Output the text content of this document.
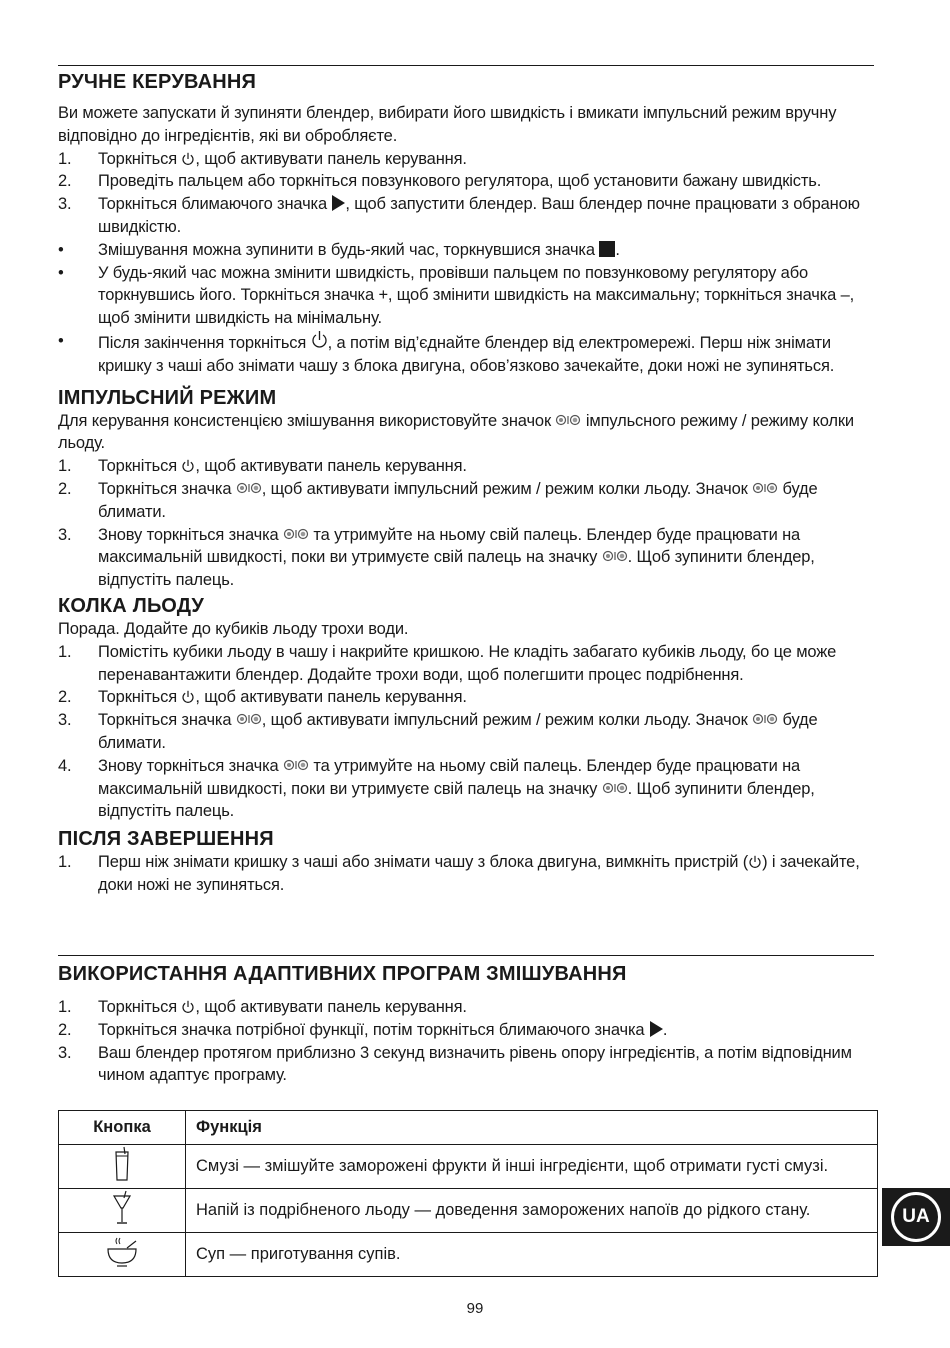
РУЧНЕ КЕРУВАННЯ

Ви можете запускати й зупиняти блендер, вибирати його швидкість і вмикати імпульсний режим вручну відповідно до інгредієнтів, які ви обробляєте.

1.	Торкніться , щоб активувати панель керування.
2.	Проведіть пальцем або торкніться повзункового регулятора, щоб установити бажану швидкість.
3.	Торкніться блимаючого значка , щоб запустити блендер. Ваш блендер почне працювати з обраною швидкістю.
•	Змішування можна зупинити в будь-який час, торкнувшися значка .
•	У будь-який час можна змінити швидкість, провівши пальцем по повзунковому регулятору або торкнувшись його. Торкніться значка +, щоб змінити швидкість на максимальну; торкніться значка –, щоб змінити швидкість на мінімальну.
•	Після закінчення торкніться , а потім від’єднайте блендер від електромережі. Перш ніж знімати кришку з чаші або знімати чашу з блока двигуна, обов’язково зачекайте, доки ножі не зупиняться.
ІМПУЛЬСНИЙ РЕЖИМ

Для керування консистенцією змішування використовуйте значок  імпульсного режиму / режиму колки льоду.

1.	Торкніться , щоб активувати панель керування.
2.	Торкніться значка , щоб активувати імпульсний режим / режим колки льоду. Значок  буде блимати.
3.	Знову торкніться значка  та утримуйте на ньому свій палець. Блендер буде працювати на максимальній швидкості, поки ви утримуєте свій палець на значку . Щоб зупинити блендер, відпустіть палець.
КОЛКА ЛЬОДУ

Порада. Додайте до кубиків льоду трохи води.

1.	Помістіть кубики льоду в чашу і накрийте кришкою. Не кладіть забагато кубиків льоду, бо це може перенавантажити блендер. Додайте трохи води, щоб полегшити процес подрібнення.
2.	Торкніться , щоб активувати панель керування.
3.	Торкніться значка , щоб активувати імпульсний режим / режим колки льоду. Значок  буде блимати.
4.	Знову торкніться значка  та утримуйте на ньому свій палець. Блендер буде працювати на максимальній швидкості, поки ви утримуєте свій палець на значку . Щоб зупинити блендер, відпустіть палець.
ПІСЛЯ ЗАВЕРШЕННЯ
1.	Перш ніж знімати кришку з чаші або знімати чашу з блока двигуна, вимкніть пристрій ( ) і зачекайте, доки ножі не зупиняться.
ВИКОРИСТАННЯ АДАПТИВНИХ ПРОГРАМ ЗМІШУВАННЯ
1.	Торкніться , щоб активувати панель керування.
2.	Торкніться значка потрібної функції, потім торкніться блимаючого значка .
3.	Ваш блендер протягом приблизно 3 секунд визначить рівень опору інгредієнтів, а потім відповідним чином адаптує програму.
Кнопка	Функція
	Смузі — змішуйте заморожені фрукти й інші інгредієнти, щоб отримати густі смузі.
	Напій із подрібненого льоду — доведення заморожених напоїв до рідкого стану.
	Суп — приготування супів.
UA
99
